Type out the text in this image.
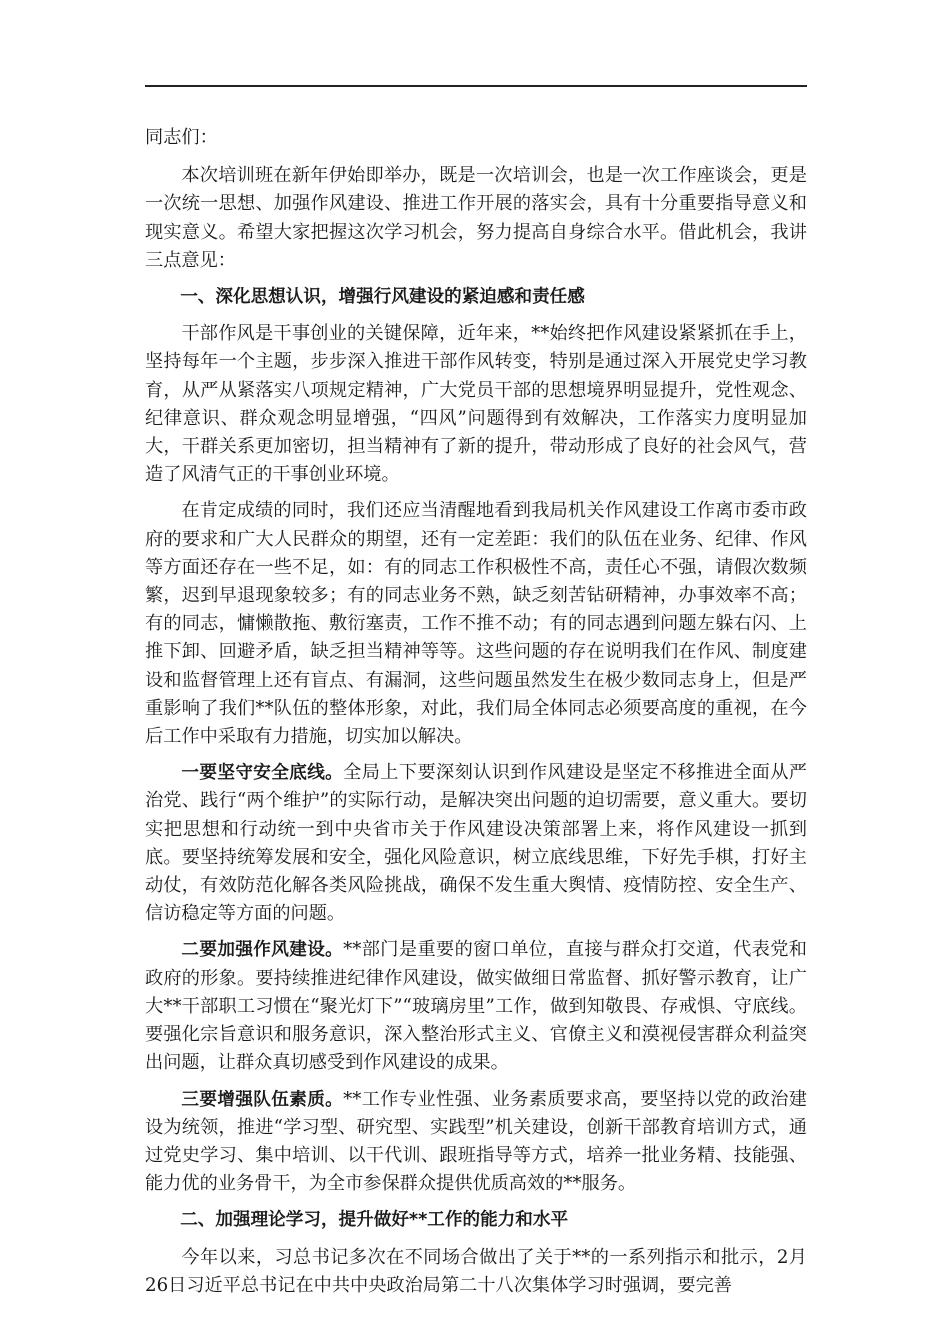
同志们：

本次培训班在新年伊始即举办，既是一次培训会，也是一次工作座谈会，更是一次统一思想、加强作风建设、推进工作开展的落实会，具有十分重要指导意义和现实意义。希望大家把握这次学习机会，努力提高自身综合水平。借此机会，我讲三点意见：

一、深化思想认识，增强行风建设的紧迫感和责任感

干部作风是干事创业的关键保障，近年来，**始终把作风建设紧紧抓在手上，坚持每年一个主题，步步深入推进干部作风转变，特别是通过深入开展党史学习教育，从严从紧落实八项规定精神，广大党员干部的思想境界明显提升，党性观念、纪律意识、群众观念明显增强，“四风”问题得到有效解决，工作落实力度明显加大，干群关系更加密切，担当精神有了新的提升，带动形成了良好的社会风气，营造了风清气正的干事创业环境。

在肯定成绩的同时，我们还应当清醒地看到我局机关作风建设工作离市委市政府的要求和广大人民群众的期望，还有一定差距：我们的队伍在业务、纪律、作风等方面还存在一些不足，如：有的同志工作积极性不高，责任心不强，请假次数频繁，迟到早退现象较多；有的同志业务不熟，缺乏刻苦钻研精神，办事效率不高；有的同志，慵懒散拖、敷衍塞责，工作不推不动；有的同志遇到问题左躲右闪、上推下卸、回避矛盾，缺乏担当精神等等。这些问题的存在说明我们在作风、制度建设和监督管理上还有盲点、有漏洞，这些问题虽然发生在极少数同志身上，但是严重影响了我们**队伍的整体形象，对此，我们局全体同志必须要高度的重视，在今后工作中采取有力措施，切实加以解决。

一要坚守安全底线。全局上下要深刻认识到作风建设是坚定不移推进全面从严治党、践行“两个维护”的实际行动，是解决突出问题的迫切需要，意义重大。要切实把思想和行动统一到中央省市关于作风建设决策部署上来，将作风建设一抓到底。要坚持统筹发展和安全，强化风险意识，树立底线思维，下好先手棋，打好主动仗，有效防范化解各类风险挑战，确保不发生重大舆情、疫情防控、安全生产、信访稳定等方面的问题。

二要加强作风建设。**部门是重要的窗口单位，直接与群众打交道，代表党和政府的形象。要持续推进纪律作风建设，做实做细日常监督、抓好警示教育，让广大**干部职工习惯在“聚光灯下”“玻璃房里”工作，做到知敬畏、存戒惧、守底线。要强化宗旨意识和服务意识，深入整治形式主义、官僚主义和漠视侵害群众利益突出问题，让群众真切感受到作风建设的成果。

三要增强队伍素质。**工作专业性强、业务素质要求高，要坚持以党的政治建设为统领，推进“学习型、研究型、实践型”机关建设，创新干部教育培训方式，通过党史学习、集中培训、以干代训、跟班指导等方式，培养一批业务精、技能强、能力优的业务骨干，为全市参保群众提供优质高效的**服务。

二、加强理论学习，提升做好**工作的能力和水平

今年以来，习总书记多次在不同场合做出了关于**的一系列指示和批示，2月26日习近平总书记在中共中央政治局第二十八次集体学习时强调，要完善
